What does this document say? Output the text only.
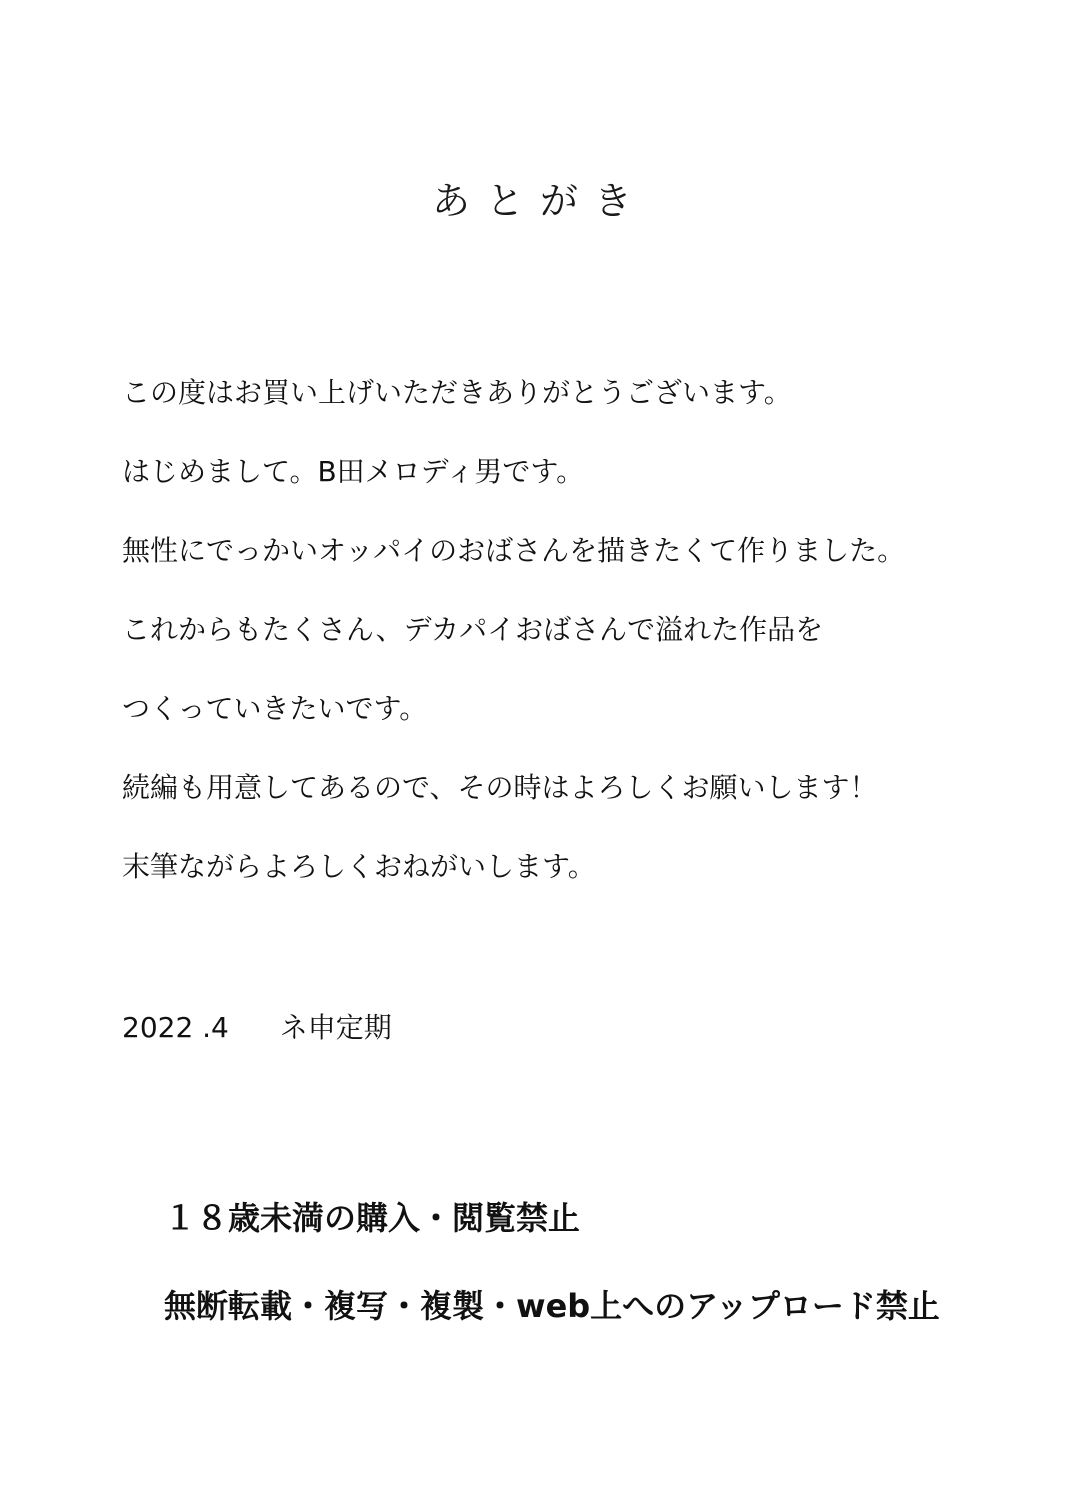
あとがき
この度はお買い上げいただきありがとうございます。
はじめまして。B田メロディ男です。
無性にでっかいオッパイのおばさんを描きたくて作りました。
これからもたくさん、デカパイおばさんで溢れた作品を
つくっていきたいです。
続編も用意してあるので、その時はよろしくお願いします！
末筆ながらよろしくおねがいします。
2022 .4 ネ申定期
１８歳未満の購入・閲覧禁止
無断転載・複写・複製・web上へのアップロード禁止
